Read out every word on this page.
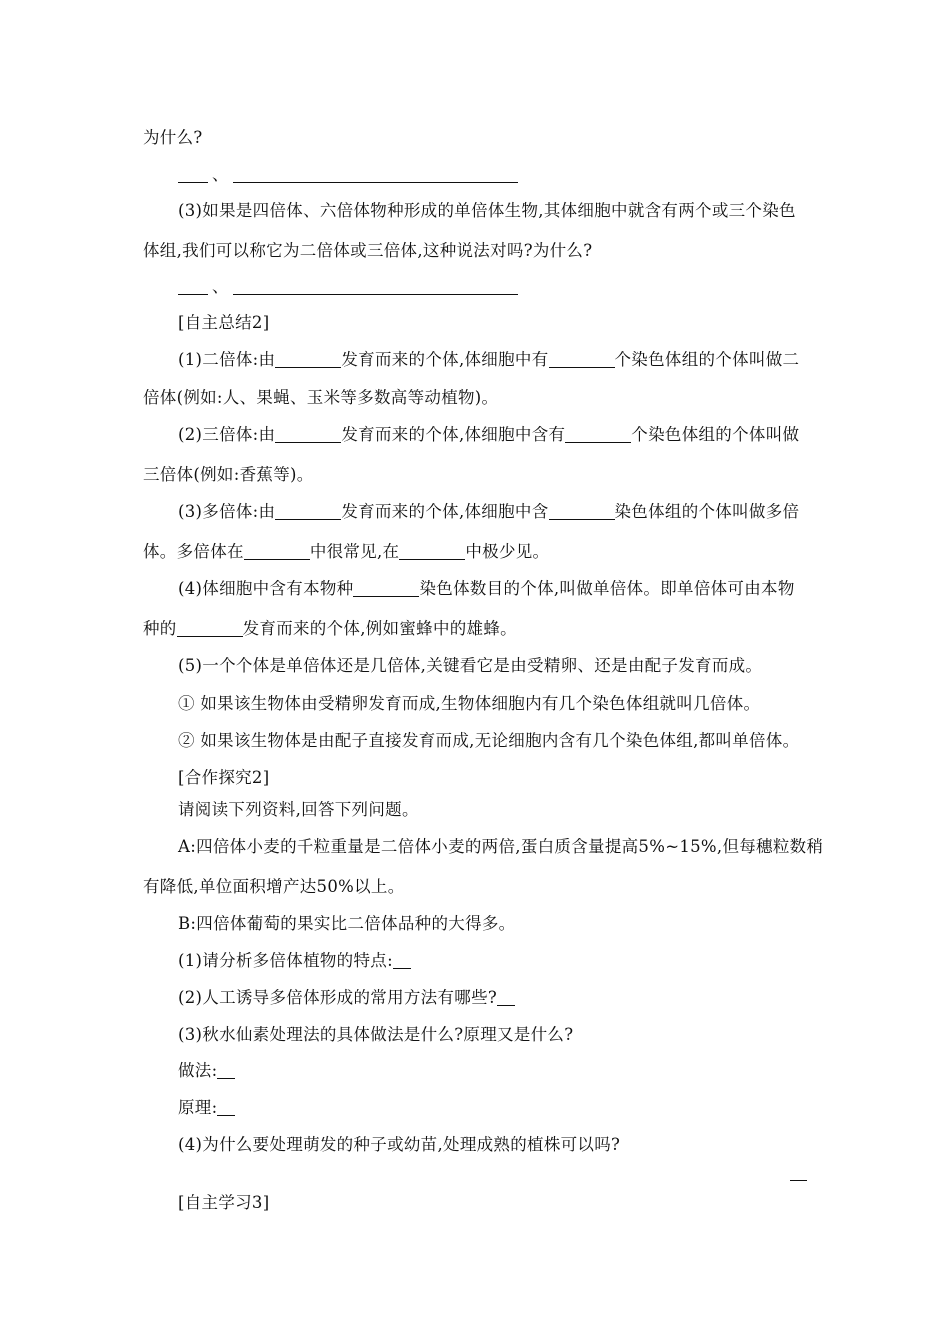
为什么?
、
(3)如果是四倍体、六倍体物种形成的单倍体生物,其体细胞中就含有两个或三个染色
体组,我们可以称它为二倍体或三倍体,这种说法对吗?为什么?
、
[自主总结2]
(1)二倍体:由	发育而来的个体,体细胞中有	个染色体组的个体叫做二
倍体(例如:人、果蝇、玉米等多数高等动植物)。
(2)三倍体:由	发育而来的个体,体细胞中含有	个染色体组的个体叫做
三倍体(例如:香蕉等)。
(3)多倍体:由	发育而来的个体,体细胞中含	染色体组的个体叫做多倍
体。多倍体在	中很常见,在	中极少见。
(4)体细胞中含有本物种	染色体数目的个体,叫做单倍体。即单倍体可由本物
种的	发育而来的个体,例如蜜蜂中的雄蜂。
(5)一个个体是单倍体还是几倍体,关键看它是由受精卵、还是由配子发育而成。
① 如果该生物体由受精卵发育而成,生物体细胞内有几个染色体组就叫几倍体。
② 如果该生物体是由配子直接发育而成,无论细胞内含有几个染色体组,都叫单倍体。
[合作探究2]
请阅读下列资料,回答下列问题。
A:四倍体小麦的千粒重量是二倍体小麦的两倍,蛋白质含量提高5%~15%,但每穗粒数稍
有降低,单位面积增产达50%以上。
B:四倍体葡萄的果实比二倍体品种的大得多。
(1)请分析多倍体植物的特点:
(2)人工诱导多倍体形成的常用方法有哪些?
(3)秋水仙素处理法的具体做法是什么?原理又是什么?
做法:
原理:
(4)为什么要处理萌发的种子或幼苗,处理成熟的植株可以吗?
[自主学习3]
